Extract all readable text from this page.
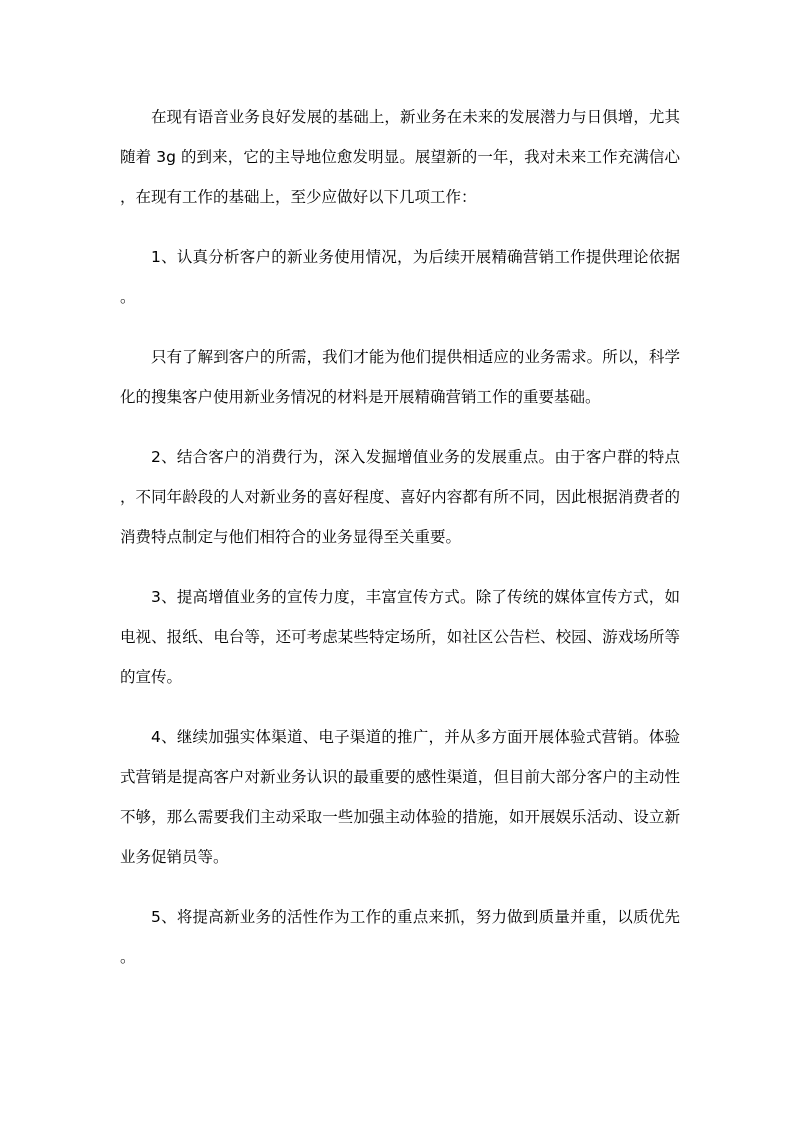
在现有语音业务良好发展的基础上，新业务在未来的发展潜力与日俱增，尤其随着 3g 的到来，它的主导地位愈发明显。展望新的一年，我对未来工作充满信心，在现有工作的基础上，至少应做好以下几项工作：

1、认真分析客户的新业务使用情况，为后续开展精确营销工作提供理论依据。

只有了解到客户的所需，我们才能为他们提供相适应的业务需求。所以，科学化的搜集客户使用新业务情况的材料是开展精确营销工作的重要基础。

2、结合客户的消费行为，深入发掘增值业务的发展重点。由于客户群的特点，不同年龄段的人对新业务的喜好程度、喜好内容都有所不同，因此根据消费者的消费特点制定与他们相符合的业务显得至关重要。

3、提高增值业务的宣传力度，丰富宣传方式。除了传统的媒体宣传方式，如电视、报纸、电台等，还可考虑某些特定场所，如社区公告栏、校园、游戏场所等的宣传。

4、继续加强实体渠道、电子渠道的推广，并从多方面开展体验式营销。体验式营销是提高客户对新业务认识的最重要的感性渠道，但目前大部分客户的主动性不够，那么需要我们主动采取一些加强主动体验的措施，如开展娱乐活动、设立新业务促销员等。

5、将提高新业务的活性作为工作的重点来抓，努力做到质量并重，以质优先。
